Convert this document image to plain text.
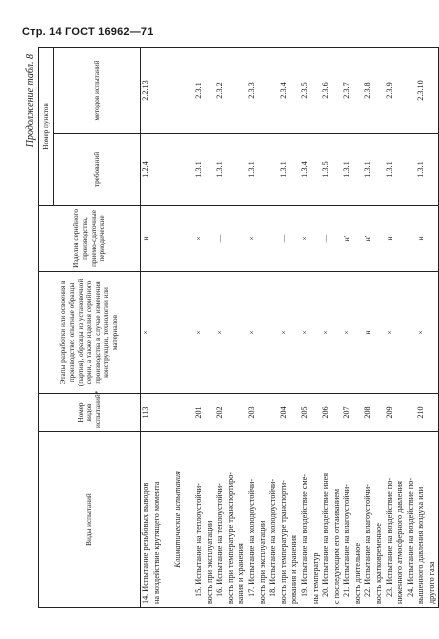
Стр. 14 ГОСТ 16962—71
Продолжение табл. 8
Виды испытаний	Номер видов испытаний*	Этапы разработки или освоения в производстве: опытные образцы (партия), образцы из установочной серии, а также изделия серийного производства в случае изменения конструкции, технологии или материалов	Изделия серийного производства, приемо-сдаточные периодические	Номер пунктов	
				требований	методов испытаний
14. Испытание резьбовых выводов	113	×	н	1.2.4	2.2.13
на воздействие крутящего момента					

Климатические испытания					

15. Испытание на теплоустойчи-	201	×	×	1.3.1	2.3.1
вость при эксплуатации					
16. Испытание на теплоустойчи-	202	×	—	1.3.1	2.3.2
вость при температуре транспортиро-					
вания и хранения					
17. Испытание на холодоустойчи-	203	×	×	1.3.1	2.3.3
вость при эксплуатации					
18. Испытание на холодоустойчи-					
вость при температуре транспорти-	204	×	—	1.3.1	2.3.4
рования и хранения					
19. Испытание на воздействие сме-	205	×	×	1.3.4	2.3.5
ны температур					
20. Испытание на воздействие инея	206	×	—	1.3.5	2.3.6
с последующим его оттаиванием					
21. Испытание на влагоустойчи-	207	×	н'	1.3.1	2.3.7
вость длительное					
22. Испытание на влагоустойчи-	208	н	н'	1.3.1	2.3.8
вость кратковременное					
23. Испытание на воздействие по-	209	×	н	1.3.1	2.3.9
ниженного атмосферного давления					
24. Испытание на воздействие по-					
вышенного давления воздуха или	210	×	н	1.3.1	2.3.10
другого газа					
